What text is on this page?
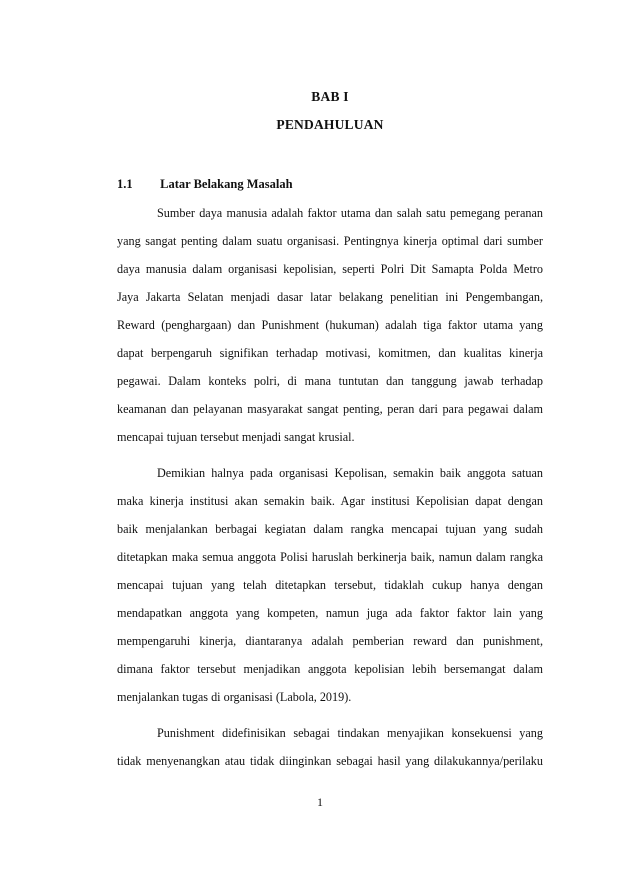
BAB I
PENDAHULUAN
1.1 Latar Belakang Masalah
Sumber daya manusia adalah faktor utama dan salah satu pemegang peranan
yang sangat penting dalam suatu organisasi. Pentingnya kinerja optimal dari sumber
daya manusia dalam organisasi kepolisian, seperti Polri Dit Samapta Polda Metro
Jaya Jakarta Selatan menjadi dasar latar belakang penelitian ini Pengembangan,
Reward (penghargaan) dan Punishment (hukuman) adalah tiga faktor utama yang
dapat berpengaruh signifikan terhadap motivasi, komitmen, dan kualitas kinerja
pegawai. Dalam konteks polri, di mana tuntutan dan tanggung jawab terhadap
keamanan dan pelayanan masyarakat sangat penting, peran dari para pegawai dalam
mencapai tujuan tersebut menjadi sangat krusial.
Demikian halnya pada organisasi Kepolisan, semakin baik anggota satuan
maka kinerja institusi akan semakin baik. Agar institusi Kepolisian dapat dengan
baik menjalankan berbagai kegiatan dalam rangka mencapai tujuan yang sudah
ditetapkan maka semua anggota Polisi haruslah berkinerja baik, namun dalam rangka
mencapai tujuan yang telah ditetapkan tersebut, tidaklah cukup hanya dengan
mendapatkan anggota yang kompeten, namun juga ada faktor faktor lain yang
mempengaruhi kinerja, diantaranya adalah pemberian reward dan punishment,
dimana faktor tersebut menjadikan anggota kepolisian lebih bersemangat dalam
menjalankan tugas di organisasi (Labola, 2019).
Punishment didefinisikan sebagai tindakan menyajikan konsekuensi yang
tidak menyenangkan atau tidak diinginkan sebagai hasil yang dilakukannya/perilaku
1
